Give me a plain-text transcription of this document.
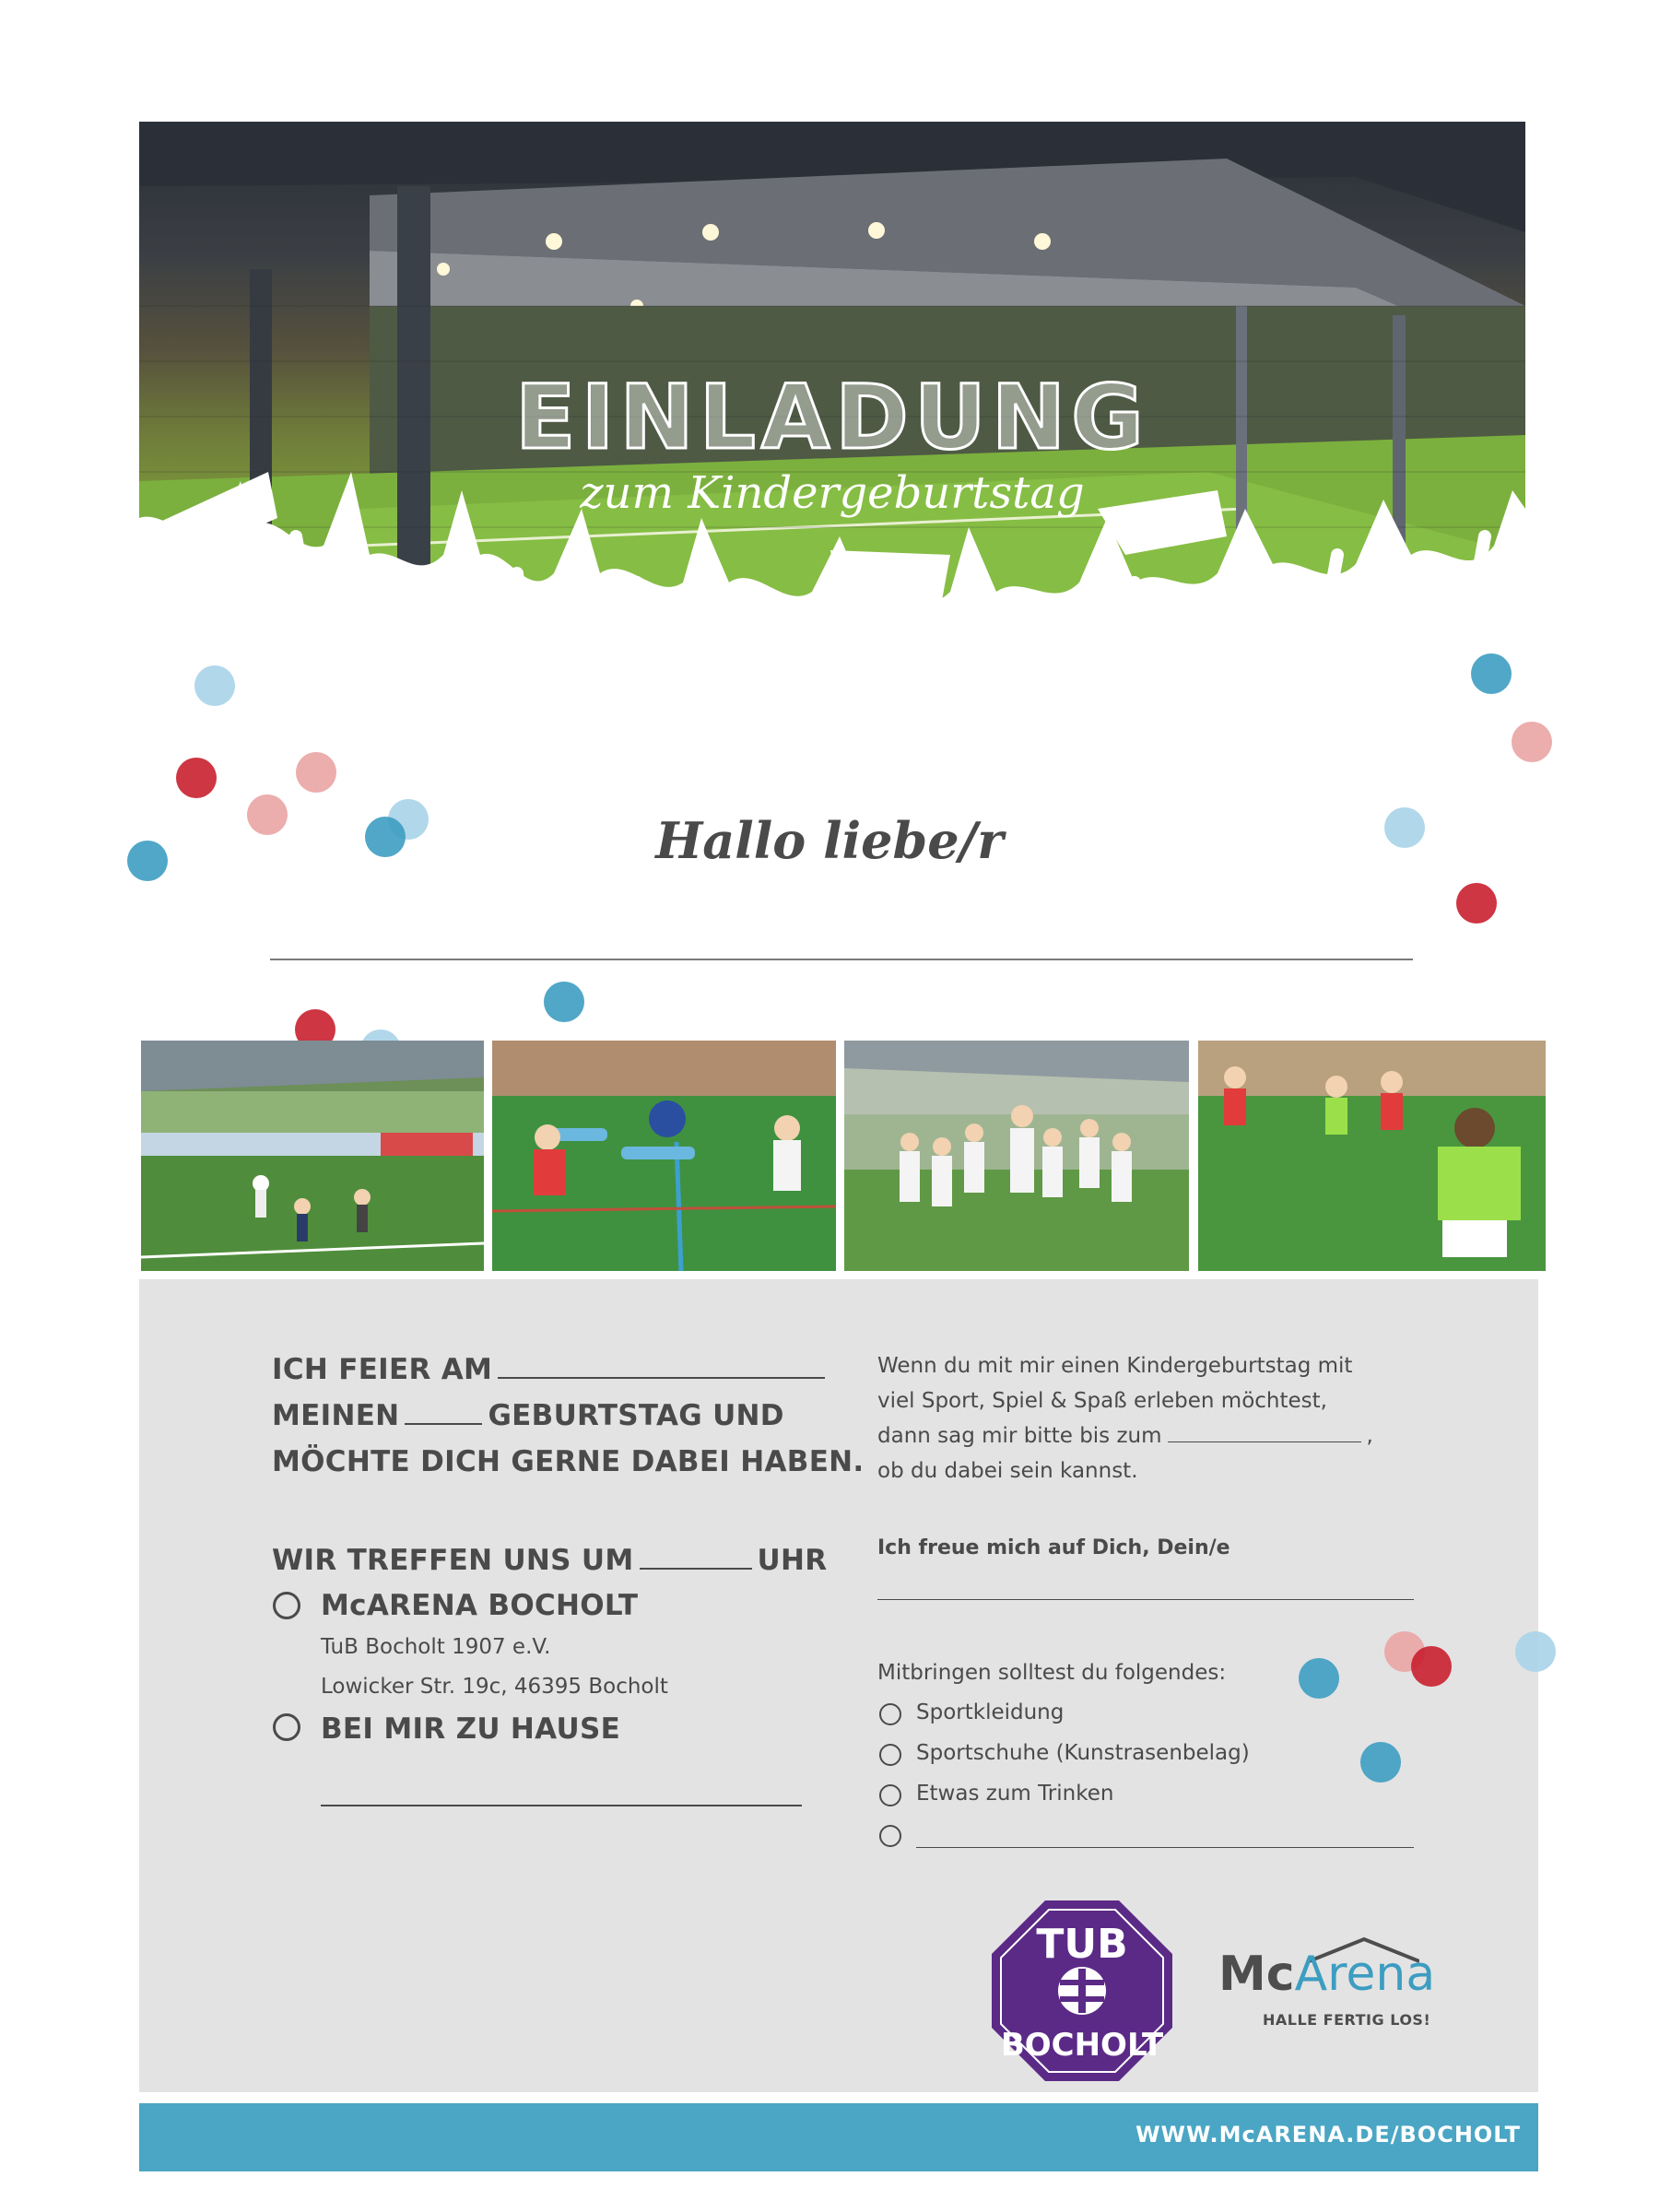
EINLADUNG
zum Kindergeburtstag
Hallo liebe/r
ICH FEIER AM
MEINEN	GEBURTSTAG UND
MÖCHTE DICH GERNE DABEI HABEN.
WIR TREFFEN UNS UM	UHR
McARENA BOCHOLT
TuB Bocholt 1907 e.V.
Lowicker Str. 19c, 46395 Bocholt
BEI MIR ZU HAUSE
Wenn du mit mir einen Kindergeburtstag mit
viel Sport, Spiel & Spaß erleben möchtest,
dann sag mir bitte bis zum	,
ob du dabei sein kannst.
Ich freue mich auf Dich, Dein/e
Mitbringen solltest du folgendes:
Sportkleidung
Sportschuhe (Kunstrasenbelag)
Etwas zum Trinken
TUB
BOCHOLT
McArena
HALLE FERTIG LOS!
WWW.McARENA.DE/BOCHOLT
